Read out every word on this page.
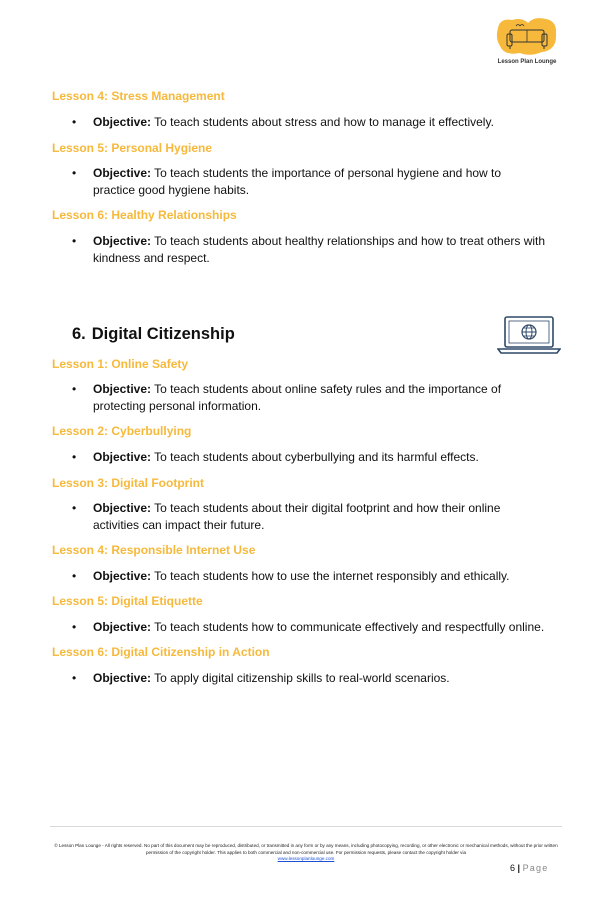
Lesson Plan Lounge
Lesson 4: Stress Management
• Objective: To teach students about stress and how to manage it effectively.
Lesson 5: Personal Hygiene
• Objective: To teach students the importance of personal hygiene and how to practice good hygiene habits.
Lesson 6: Healthy Relationships
• Objective: To teach students about healthy relationships and how to treat others with kindness and respect.
6. Digital Citizenship
Lesson 1: Online Safety
• Objective: To teach students about online safety rules and the importance of protecting personal information.
Lesson 2: Cyberbullying
• Objective: To teach students about cyberbullying and its harmful effects.
Lesson 3: Digital Footprint
• Objective: To teach students about their digital footprint and how their online activities can impact their future.
Lesson 4: Responsible Internet Use
• Objective: To teach students how to use the internet responsibly and ethically.
Lesson 5: Digital Etiquette
• Objective: To teach students how to communicate effectively and respectfully online.
Lesson 6: Digital Citizenship in Action
• Objective: To apply digital citizenship skills to real-world scenarios.
© Lesson Plan Lounge - All rights reserved. No part of this document may be reproduced, distributed, or transmitted in any form or by any means, including photocopying, recording, or other electronic or mechanical methods, without the prior written permission of the copyright holder. This applies to both commercial and non-commercial use. For permission requests, please contact the copyright holder via
www.lessonplanlounge.com
6 | Page
